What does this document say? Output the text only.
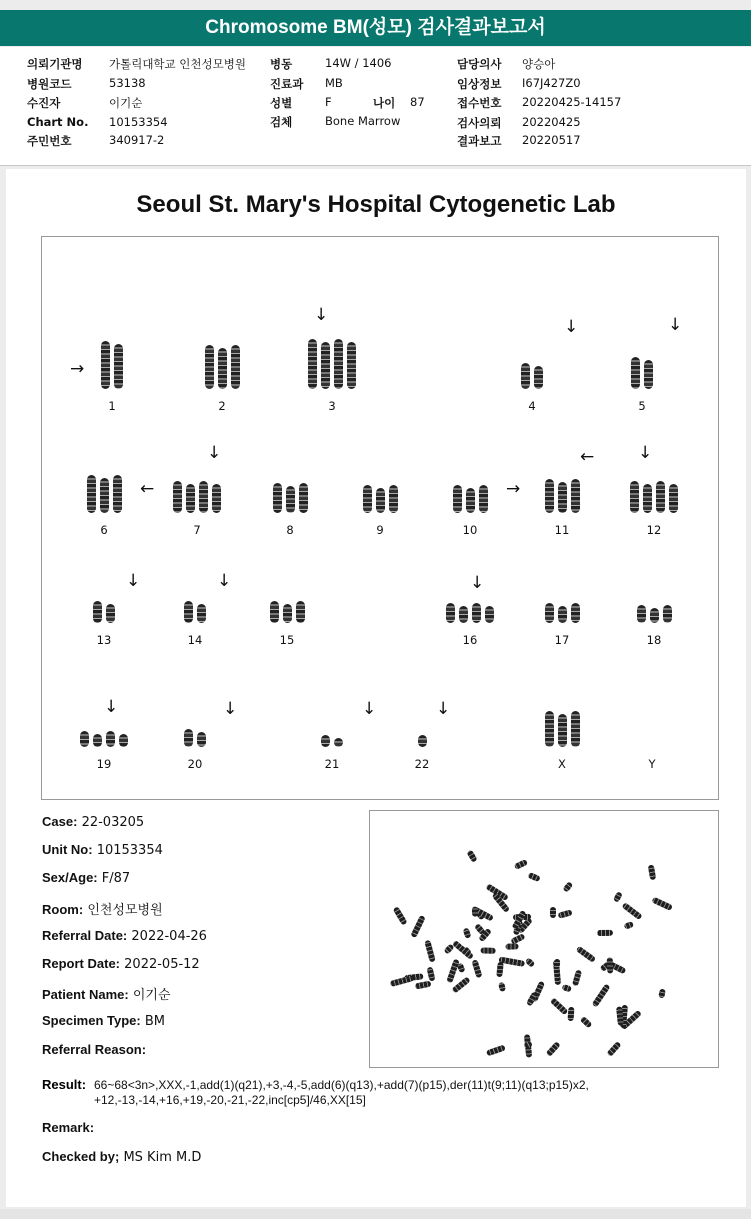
Chromosome BM(성모) 검사결과보고서
의뢰기관명 가톨릭대학교 인천성모병원
병원코드	53138
수진자	이기순
Chart No. 10153354
주민번호	340917-2
병동	14W / 1406
진료과 MB
성별	F	나이 87
검체	Bone Marrow
담당의사 양승아
임상정보 I67J427Z0
접수번호 20220425-14157
검사의뢰 20220425
결과보고 20220517
Seoul St. Mary's Hospital Cytogenetic Lab
1
→
2	3
↓
4
↓
5
↓
6
←
7
↓
8	9	10
→
11
←
12
↓
13
↓
14
↓
15	16
↓
17	18
19
↓
20
↓
21
↓
22
↓
X	Y
Case: 22-03205
Unit No: 10153354
Sex/Age: F/87
Room: 인천성모병원
Referral Date: 2022-04-26
Report Date: 2022-05-12
Patient Name: 이기순
Specimen Type: BM
Referral Reason:
Result: 66~68<3n>,XXX,-1,add(1)(q21),+3,-4,-5,add(6)(q13),+add(7)(p15),der(11)t(9;11)(q13;p15)x2, +12,-13,-14,+16,+19,-20,-21,-22,inc[cp5]/46,XX[15]
Remark:
Checked by; MS Kim M.D
